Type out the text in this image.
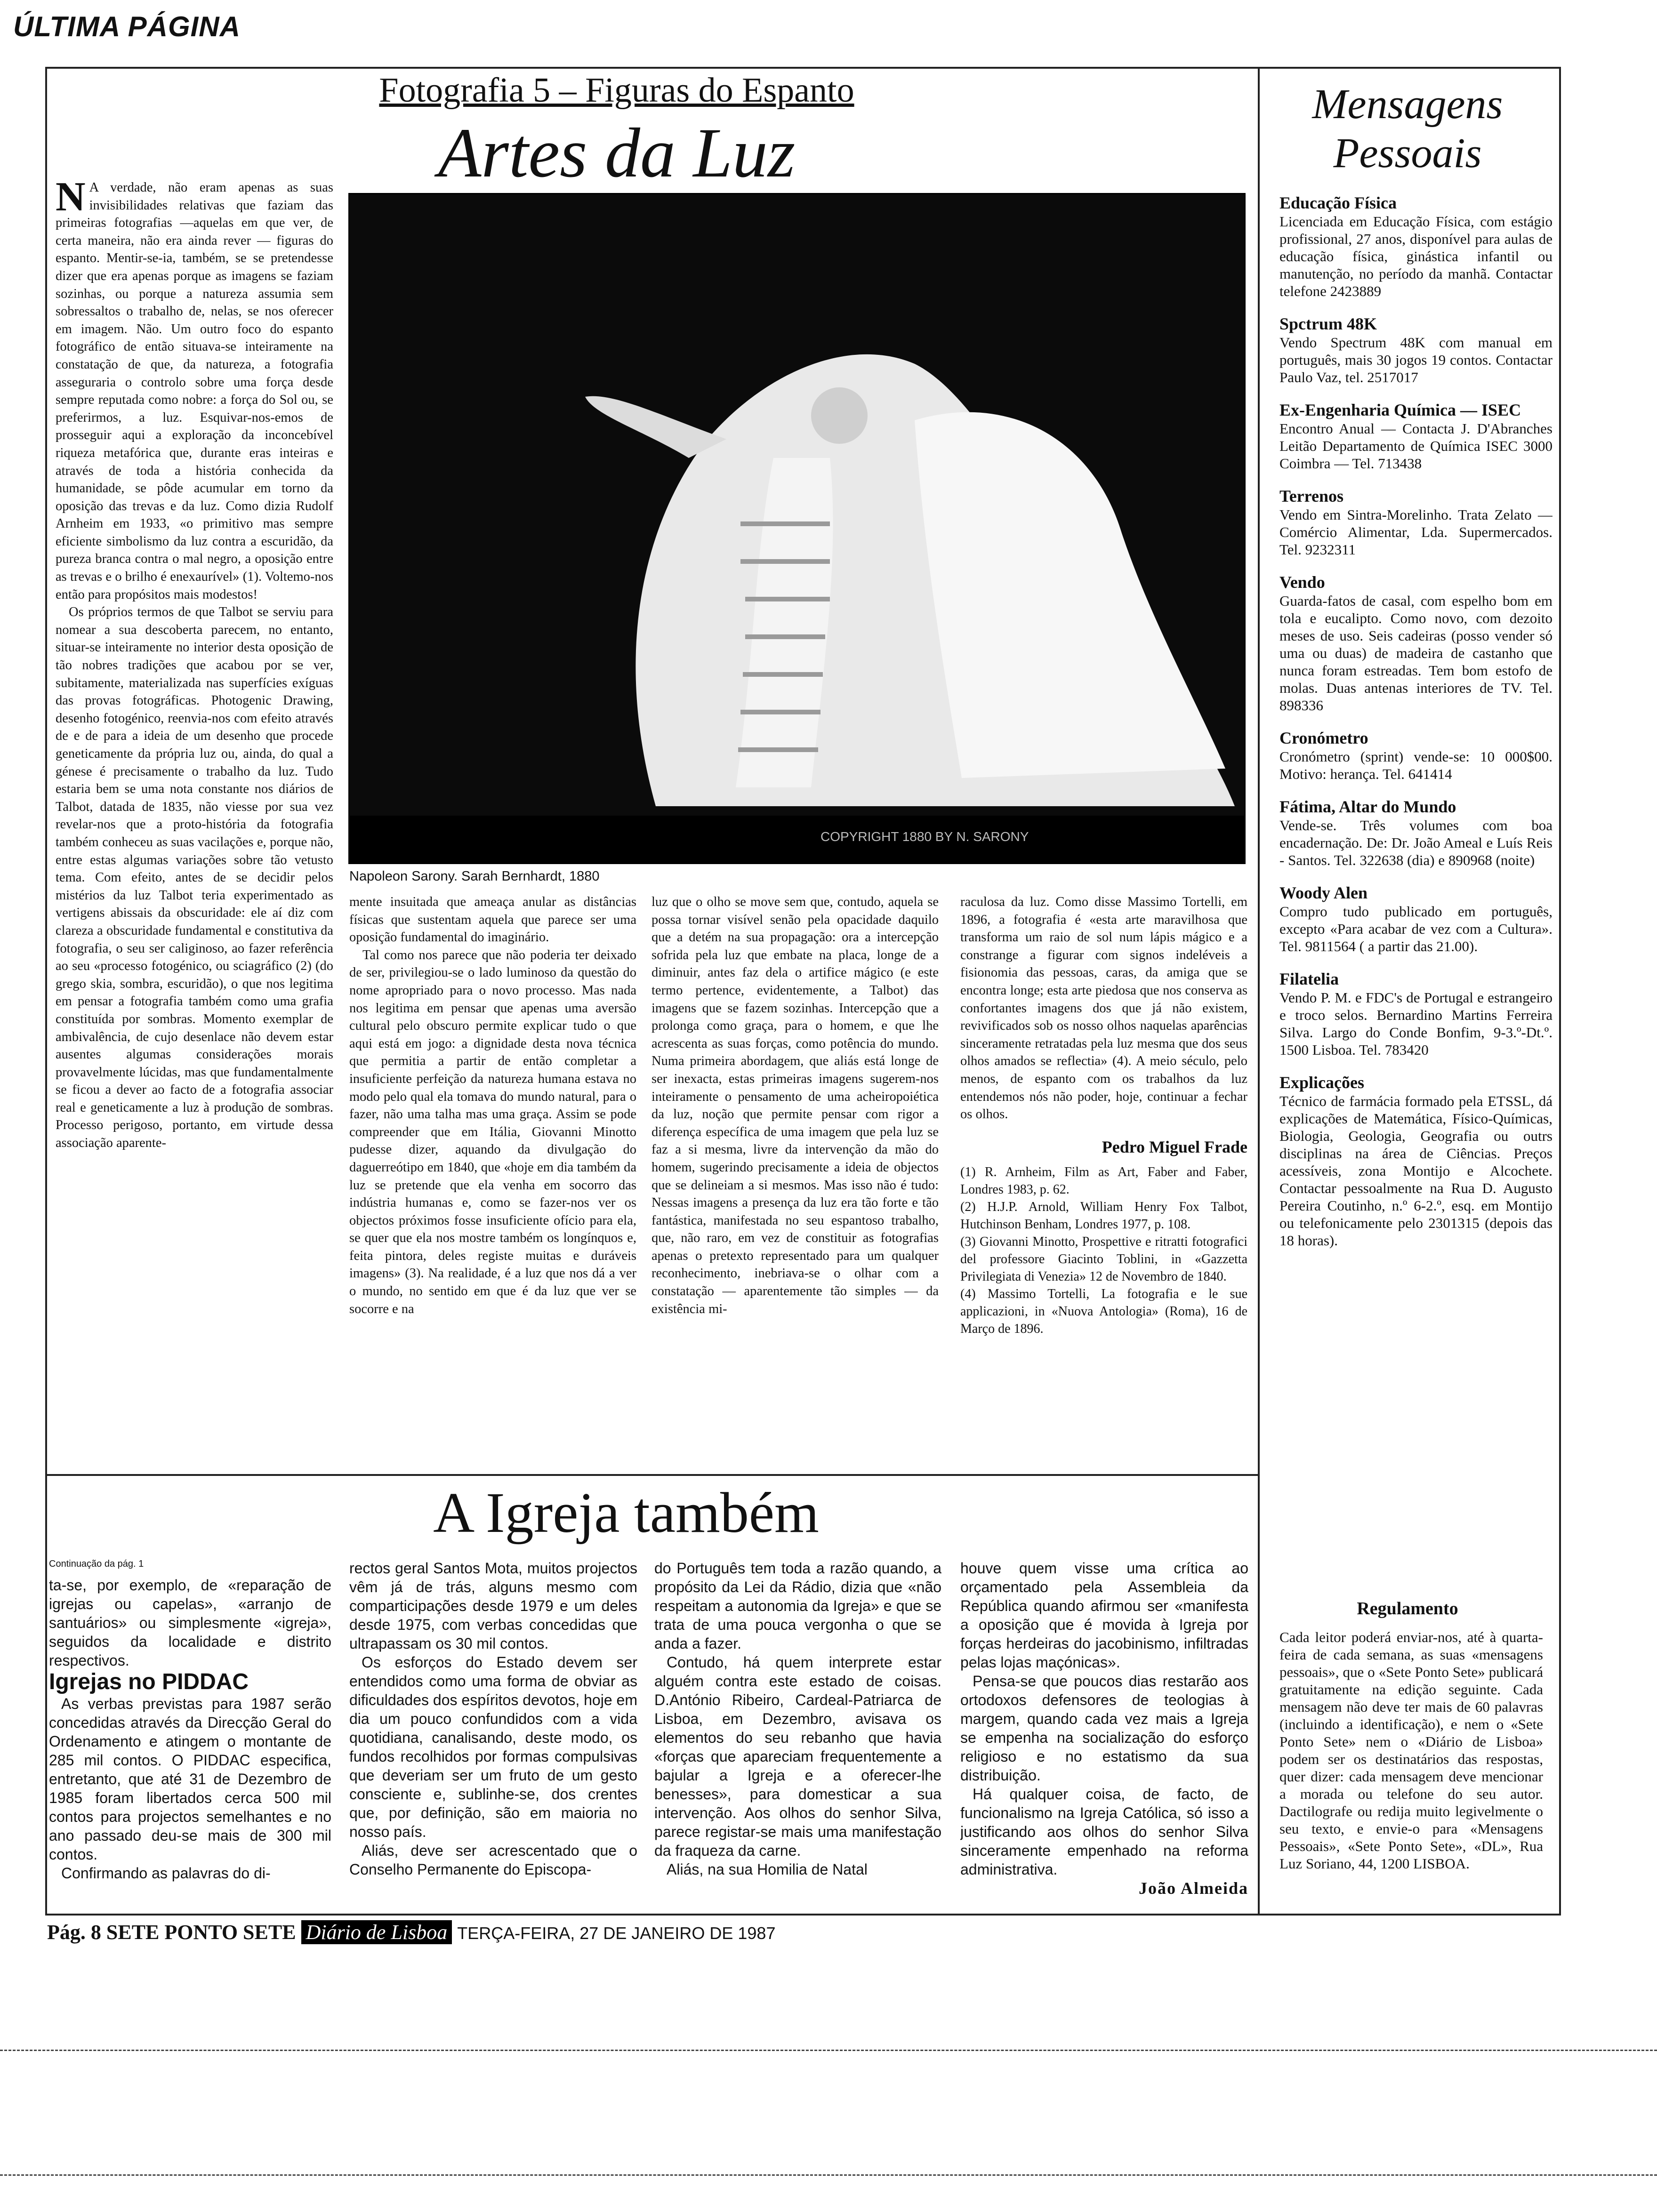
ÚLTIMA PÁGINA
Fotografia 5 – Figuras do Espanto
Artes da Luz
N A verdade, não eram apenas as suas invisibilidades relativas que faziam das primeiras fotografias —aquelas em que ver, de certa maneira, não era ainda rever — figuras do espanto. Mentir-se-ia, também, se se pretendesse dizer que era apenas porque as imagens se faziam sozinhas, ou porque a natureza assumia sem sobressaltos o trabalho de, nelas, se nos oferecer em imagem. Não. Um outro foco do espanto fotográfico de então situava-se inteiramente na constatação de que, da natureza, a fotografia asseguraria o controlo sobre uma força desde sempre reputada como nobre: a força do Sol ou, se preferirmos, a luz. Esquivar-nos-emos de prosseguir aqui a exploração da inconcebível riqueza metafórica que, durante eras inteiras e através de toda a história conhecida da humanidade, se pôde acumular em torno da oposição das trevas e da luz. Como dizia Rudolf Arnheim em 1933, «o primitivo mas sempre eficiente simbolismo da luz contra a escuridão, da pureza branca contra o mal negro, a oposição entre as trevas e o brilho é enexaurível» (1). Voltemo-nos então para propósitos mais modestos!

Os próprios termos de que Talbot se serviu para nomear a sua descoberta parecem, no entanto, situar-se inteiramente no interior desta oposição de tão nobres tradições que acabou por se ver, subitamente, materializada nas superfícies exíguas das provas fotográficas. Photogenic Drawing, desenho fotogénico, reenvia-nos com efeito através de e de para a ideia de um desenho que procede geneticamente da própria luz ou, ainda, do qual a génese é precisamente o trabalho da luz. Tudo estaria bem se uma nota constante nos diários de Talbot, datada de 1835, não viesse por sua vez revelar-nos que a proto-história da fotografia também conheceu as suas vacilações e, porque não, entre estas algumas variações sobre tão vetusto tema. Com efeito, antes de se decidir pelos mistérios da luz Talbot teria experimentado as vertigens abissais da obscuridade: ele aí diz com clareza a obscuridade fundamental e constitutiva da fotografia, o seu ser caliginoso, ao fazer referência ao seu «processo fotogénico, ou sciagráfico (2) (do grego skia, sombra, escuridão), o que nos legitima em pensar a fotografia também como uma grafia constituída por sombras. Momento exemplar de ambivalência, de cujo desenlace não devem estar ausentes algumas considerações morais provavelmente lúcidas, mas que fundamentalmente se ficou a dever ao facto de a fotografia associar real e geneticamente a luz à produção de sombras. Processo perigoso, portanto, em virtude dessa associação aparente-

COPYRIGHT 1880 BY N. SARONY
Napoleon Sarony. Sarah Bernhardt, 1880

mente insuitada que ameaça anular as distâncias físicas que sustentam aquela que parece ser uma oposição fundamental do imaginário.

Tal como nos parece que não poderia ter deixado de ser, privilegiou-se o lado luminoso da questão do nome apropriado para o novo processo. Mas nada nos legitima em pensar que apenas uma aversão cultural pelo obscuro permite explicar tudo o que aqui está em jogo: a dignidade desta nova técnica que permitia a partir de então completar a insuficiente perfeição da natureza humana estava no modo pelo qual ela tomava do mundo natural, para o fazer, não uma talha mas uma graça. Assim se pode compreender que em Itália, Giovanni Minotto pudesse dizer, aquando da divulgação do daguerreótipo em 1840, que «hoje em dia também da luz se pretende que ela venha em socorro das indústria humanas e, como se fazer-nos ver os objectos próximos fosse insuficiente ofício para ela, se quer que ela nos mostre também os longínquos e, feita pintora, deles registe muitas e duráveis imagens» (3). Na realidade, é a luz que nos dá a ver o mundo, no sentido em que é da luz que ver se socorre e na

luz que o olho se move sem que, contudo, aquela se possa tornar visível senão pela opacidade daquilo que a detém na sua propagação: ora a intercepção sofrida pela luz que embate na placa, longe de a diminuir, antes faz dela o artifice mágico (e este termo pertence, evidentemente, a Talbot) das imagens que se fazem sozinhas. Intercepção que a prolonga como graça, para o homem, e que lhe acrescenta as suas forças, como potência do mundo. Numa primeira abordagem, que aliás está longe de ser inexacta, estas primeiras imagens sugerem-nos inteiramente o pensamento de uma acheiropoiética da luz, noção que permite pensar com rigor a diferença específica de uma imagem que pela luz se faz a si mesma, livre da intervenção da mão do homem, sugerindo precisamente a ideia de objectos que se delineiam a si mesmos. Mas isso não é tudo: Nessas imagens a presença da luz era tão forte e tão fantástica, manifestada no seu espantoso trabalho, que, não raro, em vez de constituir as fotografias apenas o pretexto representado para um qualquer reconhecimento, inebriava-se o olhar com a constatação — aparentemente tão simples — da existência mi-

raculosa da luz. Como disse Massimo Tortelli, em 1896, a fotografia é «esta arte maravilhosa que transforma um raio de sol num lápis mágico e a constrange a figurar com signos indeléveis a fisionomia das pessoas, caras, da amiga que se encontra longe; esta arte piedosa que nos conserva as confortantes imagens dos que já não existem, revivificados sob os nosso olhos naquelas aparências sinceramente retratadas pela luz mesma que dos seus olhos amados se reflectia» (4). A meio século, pelo menos, de espanto com os trabalhos da luz entendemos nós não poder, hoje, continuar a fechar os olhos.

Pedro Miguel Frade
(1) R. Arnheim, Film as Art, Faber and Faber, Londres 1983, p. 62.
(2) H.J.P. Arnold, William Henry Fox Talbot, Hutchinson Benham, Londres 1977, p. 108.
(3) Giovanni Minotto, Prospettive e ritratti fotografici del professore Giacinto Toblini, in «Gazzetta Privilegiata di Venezia» 12 de Novembro de 1840.
(4) Massimo Tortelli, La fotografia e le sue applicazioni, in «Nuova Antologia» (Roma), 16 de Março de 1896.
Mensagens Pessoais
Educação Física
Licenciada em Educação Física, com estágio profissional, 27 anos, disponível para aulas de educação física, ginástica infantil ou manutenção, no período da manhã. Contactar telefone 2423889
Spctrum 48K
Vendo Spectrum 48K com manual em português, mais 30 jogos 19 contos. Contactar Paulo Vaz, tel. 2517017
Ex-Engenharia Química — ISEC
Encontro Anual — Contacta J. D'Abranches Leitão Departamento de Química ISEC 3000 Coimbra — Tel. 713438
Terrenos
Vendo em Sintra-Morelinho. Trata Zelato — Comércio Alimentar, Lda. Supermercados. Tel. 9232311
Vendo
Guarda-fatos de casal, com espelho bom em tola e eucalipto. Como novo, com dezoito meses de uso. Seis cadeiras (posso vender só uma ou duas) de madeira de castanho que nunca foram estreadas. Tem bom estofo de molas. Duas antenas interiores de TV. Tel. 898336
Cronómetro
Cronómetro (sprint) vende-se: 10 000$00. Motivo: herança. Tel. 641414
Fátima, Altar do Mundo
Vende-se. Três volumes com boa encadernação. De: Dr. João Ameal e Luís Reis - Santos. Tel. 322638 (dia) e 890968 (noite)
Woody Alen
Compro tudo publicado em português, excepto «Para acabar de vez com a Cultura». Tel. 9811564 ( a partir das 21.00).
Filatelia
Vendo P. M. e FDC's de Portugal e estrangeiro e troco selos. Bernardino Martins Ferreira Silva. Largo do Conde Bonfim, 9-3.º-Dt.º. 1500 Lisboa. Tel. 783420
Explicações
Técnico de farmácia formado pela ETSSL, dá explicações de Matemática, Físico-Químicas, Biologia, Geologia, Geografia ou outrs disciplinas na área de Ciências. Preços acessíveis, zona Montijo e Alcochete. Contactar pessoalmente na Rua D. Augusto Pereira Coutinho, n.º 6-2.º, esq. em Montijo ou telefonicamente pelo 2301315 (depois das 18 horas).
Regulamento
Cada leitor poderá enviar-nos, até à quarta-feira de cada semana, as suas «mensagens pessoais», que o «Sete Ponto Sete» publicará gratuitamente na edição seguinte. Cada mensagem não deve ter mais de 60 palavras (incluindo a identificação), e nem o «Sete Ponto Sete» nem o «Diário de Lisboa» podem ser os destinatários das respostas, quer dizer: cada mensagem deve mencionar a morada ou telefone do seu autor. Dactilografe ou redija muito legivelmente o seu texto, e envie-o para «Mensagens Pessoais», «Sete Ponto Sete», «DL», Rua Luz Soriano, 44, 1200 LISBOA.
A Igreja também
Continuação da pág. 1

ta-se, por exemplo, de «reparação de igrejas ou capelas», «arranjo de santuários» ou simplesmente «igreja», seguidos da localidade e distrito respectivos.

Igrejas no PIDDAC

As verbas previstas para 1987 serão concedidas através da Direcção Geral do Ordenamento e atingem o montante de 285 mil contos. O PIDDAC especifica, entretanto, que até 31 de Dezembro de 1985 foram libertados cerca 500 mil contos para projectos semelhantes e no ano passado deu-se mais de 300 mil contos.

Confirmando as palavras do di-

rectos geral Santos Mota, muitos projectos vêm já de trás, alguns mesmo com comparticipações desde 1979 e um deles desde 1975, com verbas concedidas que ultrapassam os 30 mil contos.

Os esforços do Estado devem ser entendidos como uma forma de obviar as dificuldades dos espíritos devotos, hoje em dia um pouco confundidos com a vida quotidiana, canalisando, deste modo, os fundos recolhidos por formas compulsivas que deveriam ser um fruto de um gesto consciente e, sublinhe-se, dos crentes que, por definição, são em maioria no nosso país.

Aliás, deve ser acrescentado que o Conselho Permanente do Episcopa-

do Português tem toda a razão quando, a propósito da Lei da Rádio, dizia que «não respeitam a autonomia da Igreja» e que se trata de uma pouca vergonha o que se anda a fazer.

Contudo, há quem interprete estar alguém contra este estado de coisas. D.António Ribeiro, Cardeal-Patriarca de Lisboa, em Dezembro, avisava os elementos do seu rebanho que havia «forças que apareciam frequentemente a bajular a Igreja e a oferecer-lhe benesses», para domesticar a sua intervenção. Aos olhos do senhor Silva, parece registar-se mais uma manifestação da fraqueza da carne.

Aliás, na sua Homilia de Natal

houve quem visse uma crítica ao orçamentado pela Assembleia da República quando afirmou ser «manifesta a oposição que é movida à Igreja por forças herdeiras do jacobinismo, infiltradas pelas lojas maçónicas».

Pensa-se que poucos dias restarão aos ortodoxos defensores de teologias à margem, quando cada vez mais a Igreja se empenha na socialização do esforço religioso e no estatismo da sua distribuição.

Há qualquer coisa, de facto, de funcionalismo na Igreja Católica, só isso a justificando aos olhos do senhor Silva sinceramente empenhado na reforma administrativa.

João Almeida
Pág. 8 SETE PONTO SETE Diário de Lisboa TERÇA-FEIRA, 27 DE JANEIRO DE 1987
